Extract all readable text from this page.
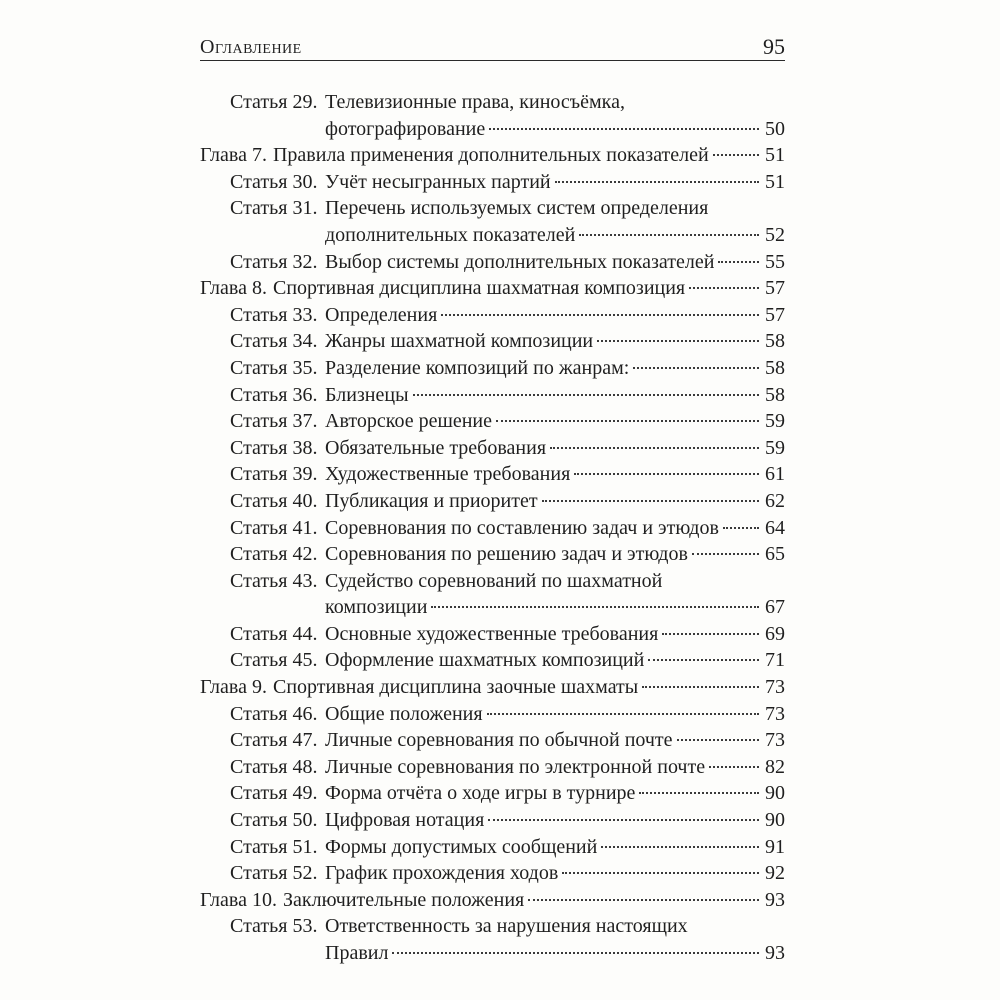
Оглавление	95
Статья 29. Телевизионные права, киносъёмка,
фотографирование	50
Глава 7. Правила применения дополнительных показателей	51
Статья 30. Учёт несыгранных партий	51
Статья 31. Перечень используемых систем определения
дополнительных показателей	52
Статья 32. Выбор системы дополнительных показателей	55
Глава 8. Спортивная дисциплина шахматная композиция	57
Статья 33. Определения	57
Статья 34. Жанры шахматной композиции	58
Статья 35. Разделение композиций по жанрам:	58
Статья 36. Близнецы	58
Статья 37. Авторское решение	59
Статья 38. Обязательные требования	59
Статья 39. Художественные требования	61
Статья 40. Публикация и приоритет	62
Статья 41. Соревнования по составлению задач и этюдов 64
Статья 42. Соревнования по решению задач и этюдов	65
Статья 43. Судейство соревнований по шахматной
композиции	67
Статья 44. Основные художественные требования	69
Статья 45. Оформление шахматных композиций	71
Глава 9. Спортивная дисциплина заочные шахматы	73
Статья 46. Общие положения	73
Статья 47. Личные соревнования по обычной почте	73
Статья 48. Личные соревнования по электронной почте	82
Статья 49. Форма отчёта о ходе игры в турнире	90
Статья 50. Цифровая нотация	90
Статья 51. Формы допустимых сообщений	91
Статья 52. График прохождения ходов	92
Глава 10. Заключительные положения	93
Статья 53. Ответственность за нарушения настоящих
Правил	93
